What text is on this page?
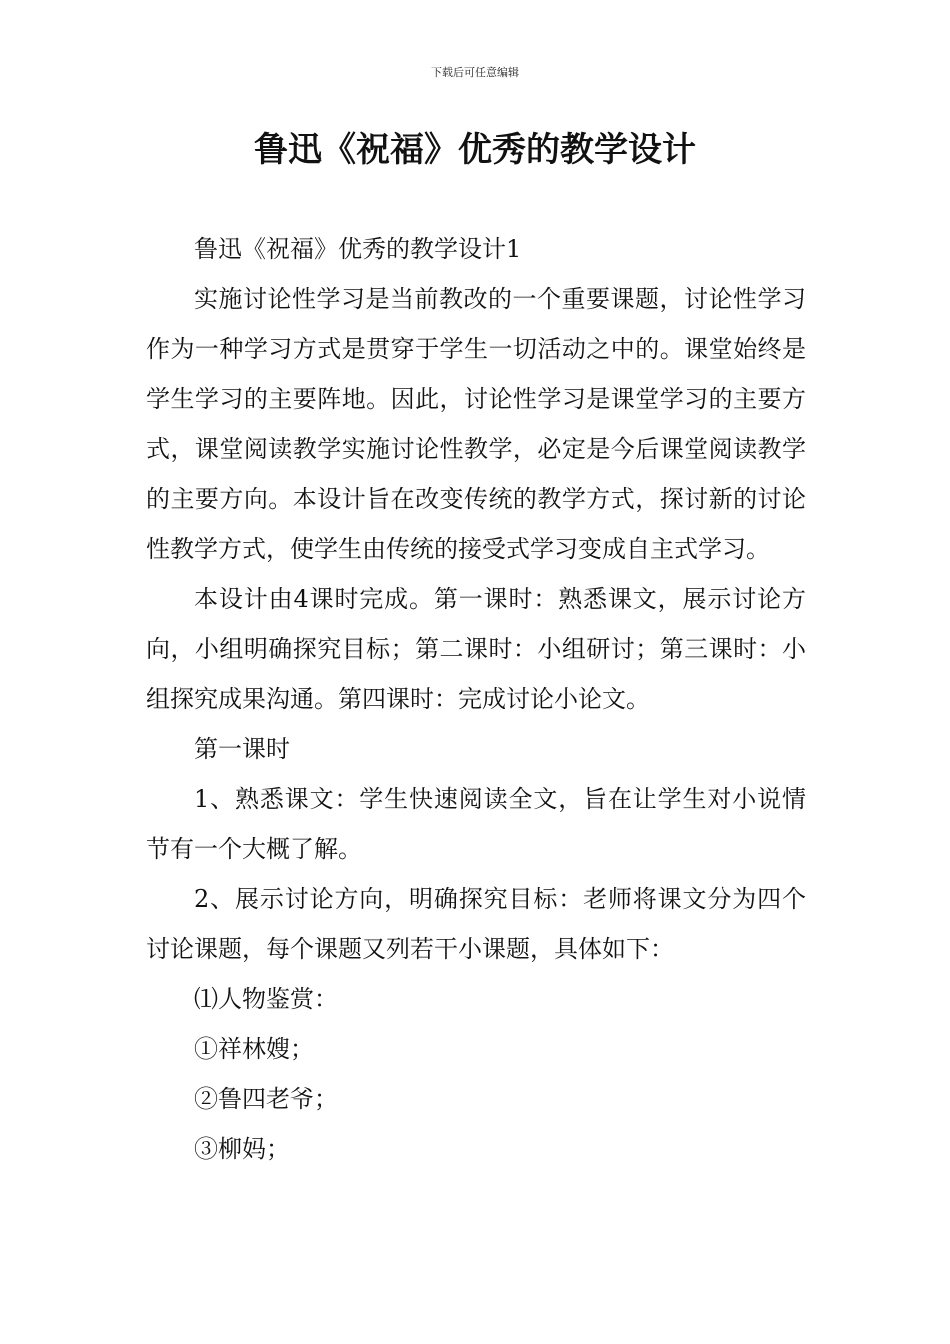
下载后可任意编辑
鲁迅《祝福》优秀的教学设计

鲁迅《祝福》优秀的教学设计1

实施讨论性学习是当前教改的一个重要课题，讨论性学习作为一种学习方式是贯穿于学生一切活动之中的。课堂始终是学生学习的主要阵地。因此，讨论性学习是课堂学习的主要方式，课堂阅读教学实施讨论性教学，必定是今后课堂阅读教学的主要方向。本设计旨在改变传统的教学方式，探讨新的讨论性教学方式，使学生由传统的接受式学习变成自主式学习。

本设计由4课时完成。第一课时：熟悉课文，展示讨论方向，小组明确探究目标；第二课时：小组研讨；第三课时：小组探究成果沟通。第四课时：完成讨论小论文。

第一课时

1、熟悉课文：学生快速阅读全文，旨在让学生对小说情节有一个大概了解。

2、展示讨论方向，明确探究目标：老师将课文分为四个讨论课题，每个课题又列若干小课题，具体如下：

⑴人物鉴赏：

①祥林嫂；

②鲁四老爷；

③柳妈；
